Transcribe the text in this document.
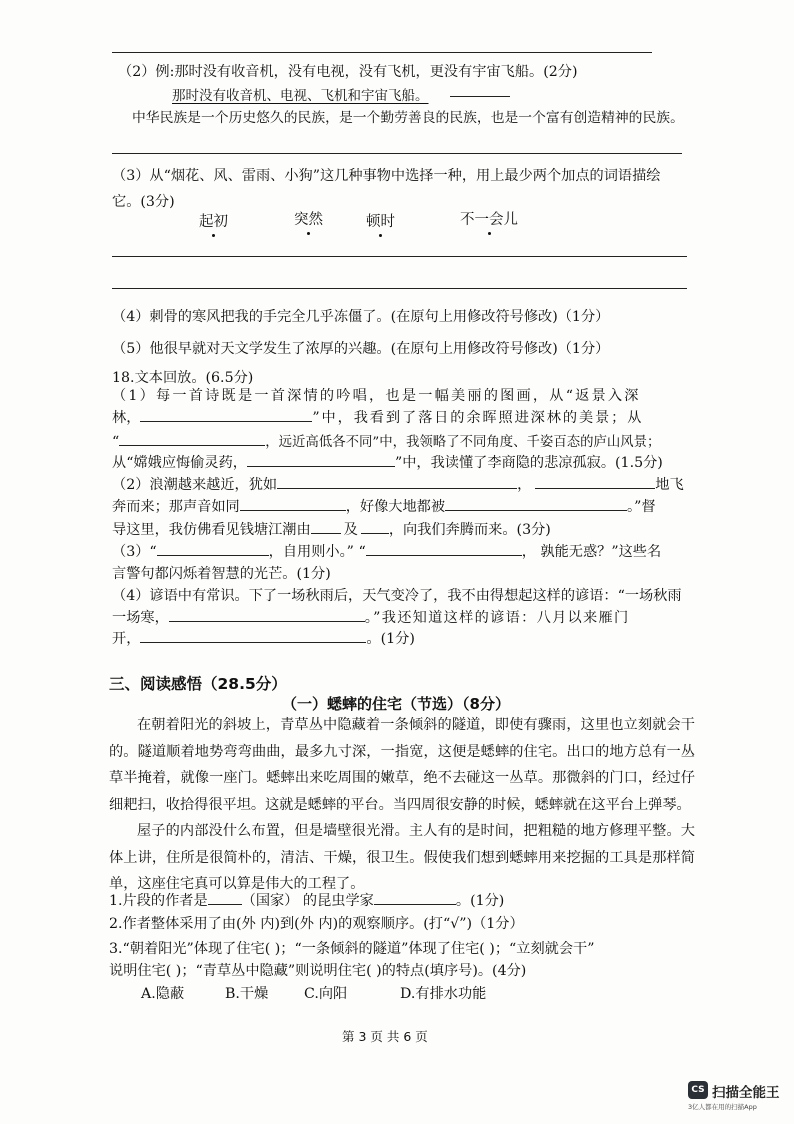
（2）例:那时没有收音机，没有电视，没有飞机，更没有宇宙飞船。(2分)
那时没有收音机、电视、飞机和宇宙飞船。
中华民族是一个历史悠久的民族，是一个勤劳善良的民族，也是一个富有创造精神的民族。
（3）从“烟花、风、雷雨、小狗”这几种事物中选择一种，用上最少两个加点的词语描绘
它。(3分)
起初	突然	顿时	不一会儿
（4）刺骨的寒风把我的手完全几乎冻僵了。(在原句上用修改符号修改)（1分）
（5）他很早就对天文学发生了浓厚的兴趣。(在原句上用修改符号修改)（1分）
18.文本回放。(6.5分)
（1）每一首诗既是一首深情的吟唱，也是一幅美丽的图画，从“返景入深
林，	”中，我看到了落日的余晖照进深林的美景；从
“	，远近高低各不同”中，我领略了不同角度、千姿百态的庐山风景；
从“嫦娥应悔偷灵药，	”中，我读懂了李商隐的悲凉孤寂。(1.5分)
（2）浪潮越来越近，犹如	，	地飞
奔而来；那声音如同	，好像大地都被	。”督
导这里，我仿佛看见钱塘江潮由 及 ，向我们奔腾而来。(3分)
（3）“	，自用则小。” “	， 孰能无惑？”这些名
言警句都闪烁着智慧的光芒。(1分)
（4）谚语中有常识。下了一场秋雨后，天气变冷了，我不由得想起这样的谚语：“一场秋雨
一场寒，	。”我还知道这样的谚语：八月以来雁门
开，	。(1分)
三、阅读感悟（28.5分）
（一）蟋蟀的住宅（节选）（8分）
在朝着阳光的斜坡上，青草丛中隐藏着一条倾斜的隧道，即使有骤雨，这里也立刻就会干的。隧道顺着地势弯弯曲曲，最多九寸深，一指宽，这便是蟋蟀的住宅。出口的地方总有一丛草半掩着，就像一座门。蟋蟀出来吃周围的嫩草，绝不去碰这一丛草。那微斜的门口，经过仔细耙扫，收拾得很平坦。这就是蟋蟀的平台。当四周很安静的时候，蟋蟀就在这平台上弹琴。
屋子的内部没什么布置，但是墙壁很光滑。主人有的是时间，把粗糙的地方修理平整。大体上讲，住所是很简朴的，清洁、干燥，很卫生。假使我们想到蟋蟀用来挖掘的工具是那样简单，这座住宅真可以算是伟大的工程了。
1.片段的作者是 （国家） 的昆虫学家	。(1分)
2.作者整体采用了由(外 内)到(外 内)的观察顺序。(打“√”)（1分）
3.“朝着阳光”体现了住宅( )；“一条倾斜的隧道”体现了住宅( )；“立刻就会干”
说明住宅( )；“青草丛中隐藏”则说明住宅( )的特点(填序号)。(4分)
A.隐蔽	B.干燥	C.向阳	D.有排水功能
第 3 页 共 6 页
CS 扫描全能王
3亿人都在用的扫描App
